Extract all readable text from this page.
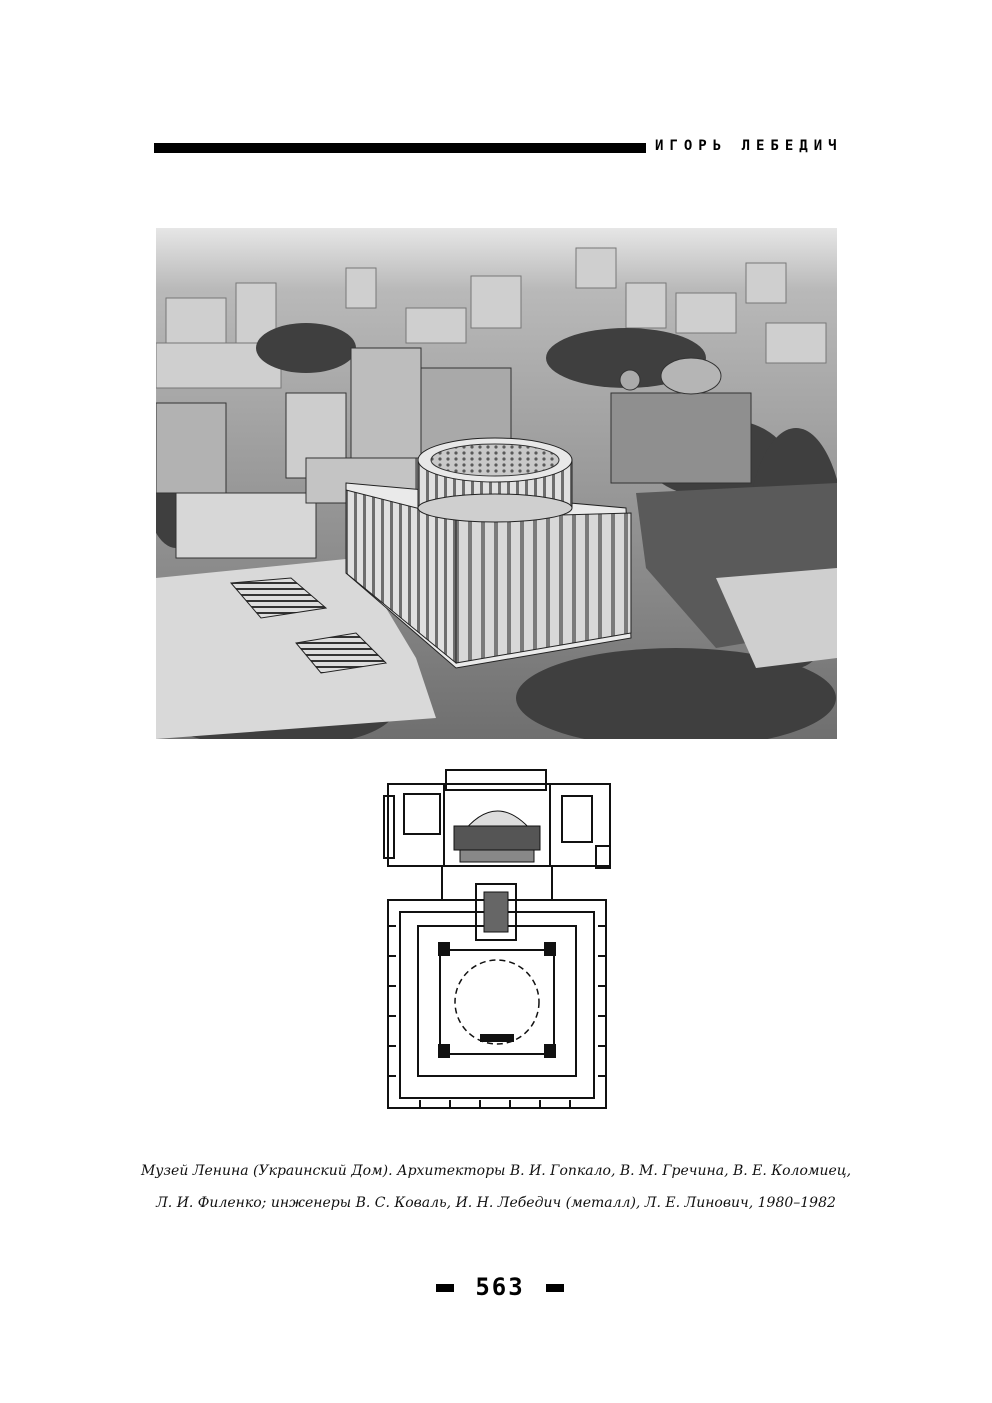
ИГОРЬ ЛЕБЕДИЧ
Музей Ленина (Украинский Дом). Архитекторы В. И. Гопкало, В. М. Гречина, В. Е. Коломиец,
Л. И. Филенко; инженеры В. С. Коваль, И. Н. Лебедич (металл), Л. Е. Линович, 1980–1982
563
